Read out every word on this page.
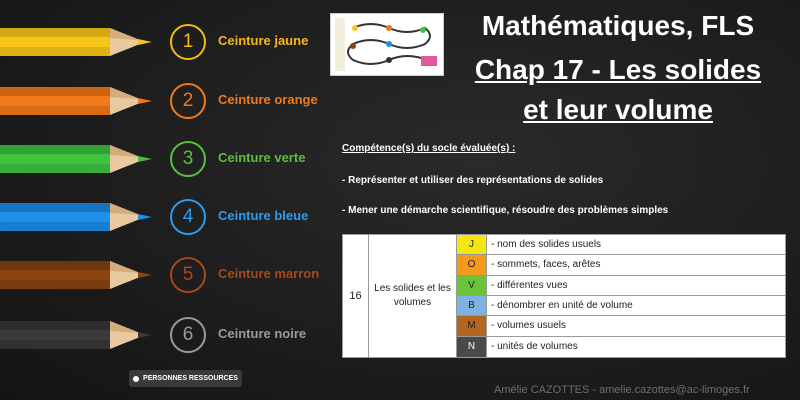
1	Ceinture jaune
2	Ceinture orange
3	Ceinture verte
4	Ceinture bleue
5	Ceinture marron
6	Ceinture noire
PERSONNES RESSOURCES
Mathématiques, FLS
Chap 17 - Les solides
et leur volume
Compétence(s) du socle évaluée(s) :
- Représenter et utiliser des représentations de solides
- Mener une démarche scientifique, résoudre des problèmes simples
16
Les solides et les volumes
J	- nom des solides usuels
O	- sommets, faces, arêtes
V	- différentes vues
B	- dénombrer en unité de volume
M	- volumes usuels
N	- unités de volumes
Amélie CAZOTTES - amelie.cazottes@ac-limoges.fr
